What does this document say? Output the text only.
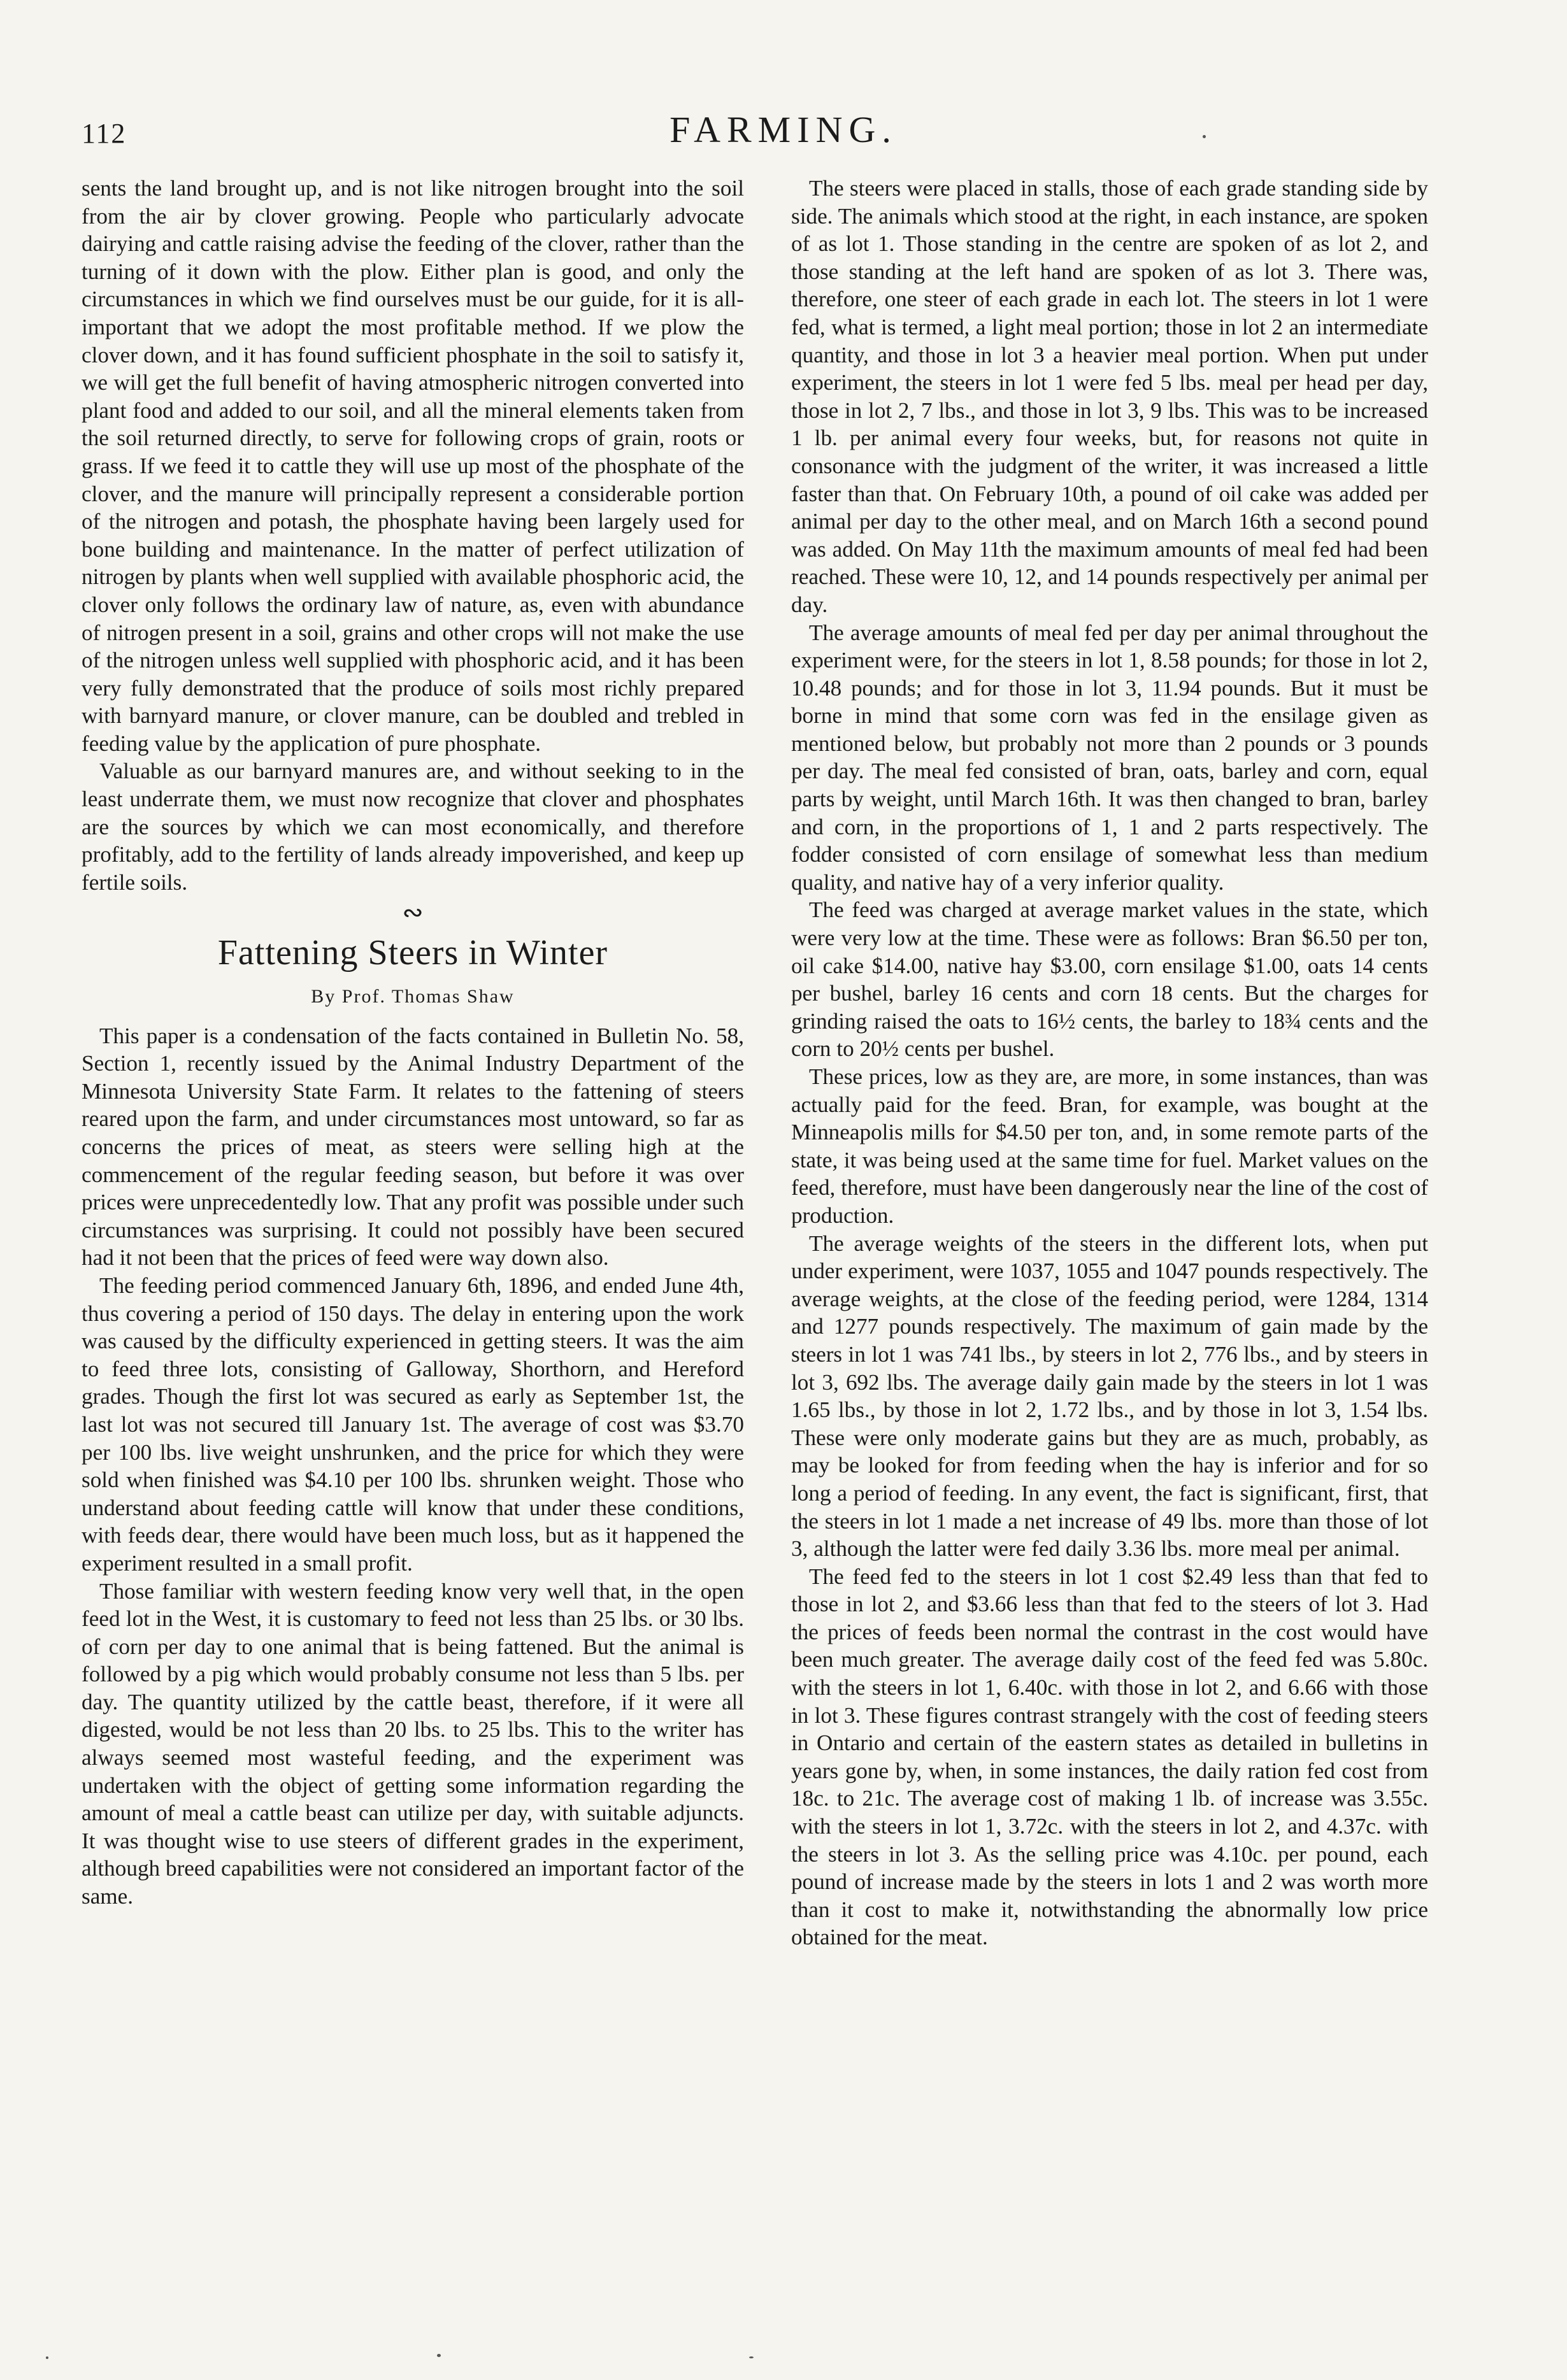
112	FARMING.

sents the land brought up, and is not like nitrogen brought into the soil from the air by clover growing. People who particularly advocate dairying and cattle raising advise the feeding of the clover, rather than the turning of it down with the plow. Either plan is good, and only the circumstances in which we find ourselves must be our guide, for it is all-important that we adopt the most profitable method. If we plow the clover down, and it has found sufficient phosphate in the soil to satisfy it, we will get the full benefit of having atmospheric nitrogen converted into plant food and added to our soil, and all the mineral elements taken from the soil returned directly, to serve for following crops of grain, roots or grass. If we feed it to cattle they will use up most of the phosphate of the clover, and the manure will principally represent a considerable portion of the nitrogen and potash, the phosphate having been largely used for bone building and maintenance. In the matter of perfect utilization of nitrogen by plants when well supplied with available phosphoric acid, the clover only follows the ordinary law of nature, as, even with abundance of nitrogen present in a soil, grains and other crops will not make the use of the nitrogen unless well supplied with phosphoric acid, and it has been very fully demonstrated that the produce of soils most richly prepared with barnyard manure, or clover manure, can be doubled and trebled in feeding value by the application of pure phosphate.

Valuable as our barnyard manures are, and without seeking to in the least underrate them, we must now recognize that clover and phosphates are the sources by which we can most economically, and therefore profitably, add to the fertility of lands already impoverished, and keep up fertile soils.

∾
Fattening Steers in Winter
By Prof. Thomas Shaw

This paper is a condensation of the facts contained in Bulletin No. 58, Section 1, recently issued by the Animal Industry Department of the Minnesota University State Farm. It relates to the fattening of steers reared upon the farm, and under circumstances most untoward, so far as concerns the prices of meat, as steers were selling high at the commencement of the regular feeding season, but before it was over prices were unprecedentedly low. That any profit was possible under such circumstances was surprising. It could not possibly have been secured had it not been that the prices of feed were way down also.

The feeding period commenced January 6th, 1896, and ended June 4th, thus covering a period of 150 days. The delay in entering upon the work was caused by the difficulty experienced in getting steers. It was the aim to feed three lots, consisting of Galloway, Shorthorn, and Hereford grades. Though the first lot was secured as early as September 1st, the last lot was not secured till January 1st. The average of cost was $3.70 per 100 lbs. live weight unshrunken, and the price for which they were sold when finished was $4.10 per 100 lbs. shrunken weight. Those who understand about feeding cattle will know that under these conditions, with feeds dear, there would have been much loss, but as it happened the experiment resulted in a small profit.

Those familiar with western feeding know very well that, in the open feed lot in the West, it is customary to feed not less than 25 lbs. or 30 lbs. of corn per day to one animal that is being fattened. But the animal is followed by a pig which would probably consume not less than 5 lbs. per day. The quantity utilized by the cattle beast, therefore, if it were all digested, would be not less than 20 lbs. to 25 lbs. This to the writer has always seemed most wasteful feeding, and the experiment was undertaken with the object of getting some information regarding the amount of meal a cattle beast can utilize per day, with suitable adjuncts. It was thought wise to use steers of different grades in the experiment, although breed capabilities were not considered an important factor of the same.

The steers were placed in stalls, those of each grade standing side by side. The animals which stood at the right, in each instance, are spoken of as lot 1. Those standing in the centre are spoken of as lot 2, and those standing at the left hand are spoken of as lot 3. There was, therefore, one steer of each grade in each lot. The steers in lot 1 were fed, what is termed, a light meal portion; those in lot 2 an intermediate quantity, and those in lot 3 a heavier meal portion. When put under experiment, the steers in lot 1 were fed 5 lbs. meal per head per day, those in lot 2, 7 lbs., and those in lot 3, 9 lbs. This was to be increased 1 lb. per animal every four weeks, but, for reasons not quite in consonance with the judgment of the writer, it was increased a little faster than that. On February 10th, a pound of oil cake was added per animal per day to the other meal, and on March 16th a second pound was added. On May 11th the maximum amounts of meal fed had been reached. These were 10, 12, and 14 pounds respectively per animal per day.

The average amounts of meal fed per day per animal throughout the experiment were, for the steers in lot 1, 8.58 pounds; for those in lot 2, 10.48 pounds; and for those in lot 3, 11.94 pounds. But it must be borne in mind that some corn was fed in the ensilage given as mentioned below, but probably not more than 2 pounds or 3 pounds per day. The meal fed consisted of bran, oats, barley and corn, equal parts by weight, until March 16th. It was then changed to bran, barley and corn, in the proportions of 1, 1 and 2 parts respectively. The fodder consisted of corn ensilage of somewhat less than medium quality, and native hay of a very inferior quality.

The feed was charged at average market values in the state, which were very low at the time. These were as follows: Bran $6.50 per ton, oil cake $14.00, native hay $3.00, corn ensilage $1.00, oats 14 cents per bushel, barley 16 cents and corn 18 cents. But the charges for grinding raised the oats to 16½ cents, the barley to 18¾ cents and the corn to 20½ cents per bushel.

These prices, low as they are, are more, in some instances, than was actually paid for the feed. Bran, for example, was bought at the Minneapolis mills for $4.50 per ton, and, in some remote parts of the state, it was being used at the same time for fuel. Market values on the feed, therefore, must have been dangerously near the line of the cost of production.

The average weights of the steers in the different lots, when put under experiment, were 1037, 1055 and 1047 pounds respectively. The average weights, at the close of the feeding period, were 1284, 1314 and 1277 pounds respectively. The maximum of gain made by the steers in lot 1 was 741 lbs., by steers in lot 2, 776 lbs., and by steers in lot 3, 692 lbs. The average daily gain made by the steers in lot 1 was 1.65 lbs., by those in lot 2, 1.72 lbs., and by those in lot 3, 1.54 lbs. These were only moderate gains but they are as much, probably, as may be looked for from feeding when the hay is inferior and for so long a period of feeding. In any event, the fact is significant, first, that the steers in lot 1 made a net increase of 49 lbs. more than those of lot 3, although the latter were fed daily 3.36 lbs. more meal per animal.

The feed fed to the steers in lot 1 cost $2.49 less than that fed to those in lot 2, and $3.66 less than that fed to the steers of lot 3. Had the prices of feeds been normal the contrast in the cost would have been much greater. The average daily cost of the feed fed was 5.80c. with the steers in lot 1, 6.40c. with those in lot 2, and 6.66 with those in lot 3. These figures contrast strangely with the cost of feeding steers in Ontario and certain of the eastern states as detailed in bulletins in years gone by, when, in some instances, the daily ration fed cost from 18c. to 21c. The average cost of making 1 lb. of increase was 3.55c. with the steers in lot 1, 3.72c. with the steers in lot 2, and 4.37c. with the steers in lot 3. As the selling price was 4.10c. per pound, each pound of increase made by the steers in lots 1 and 2 was worth more than it cost to make it, notwithstanding the abnormally low price obtained for the meat.
